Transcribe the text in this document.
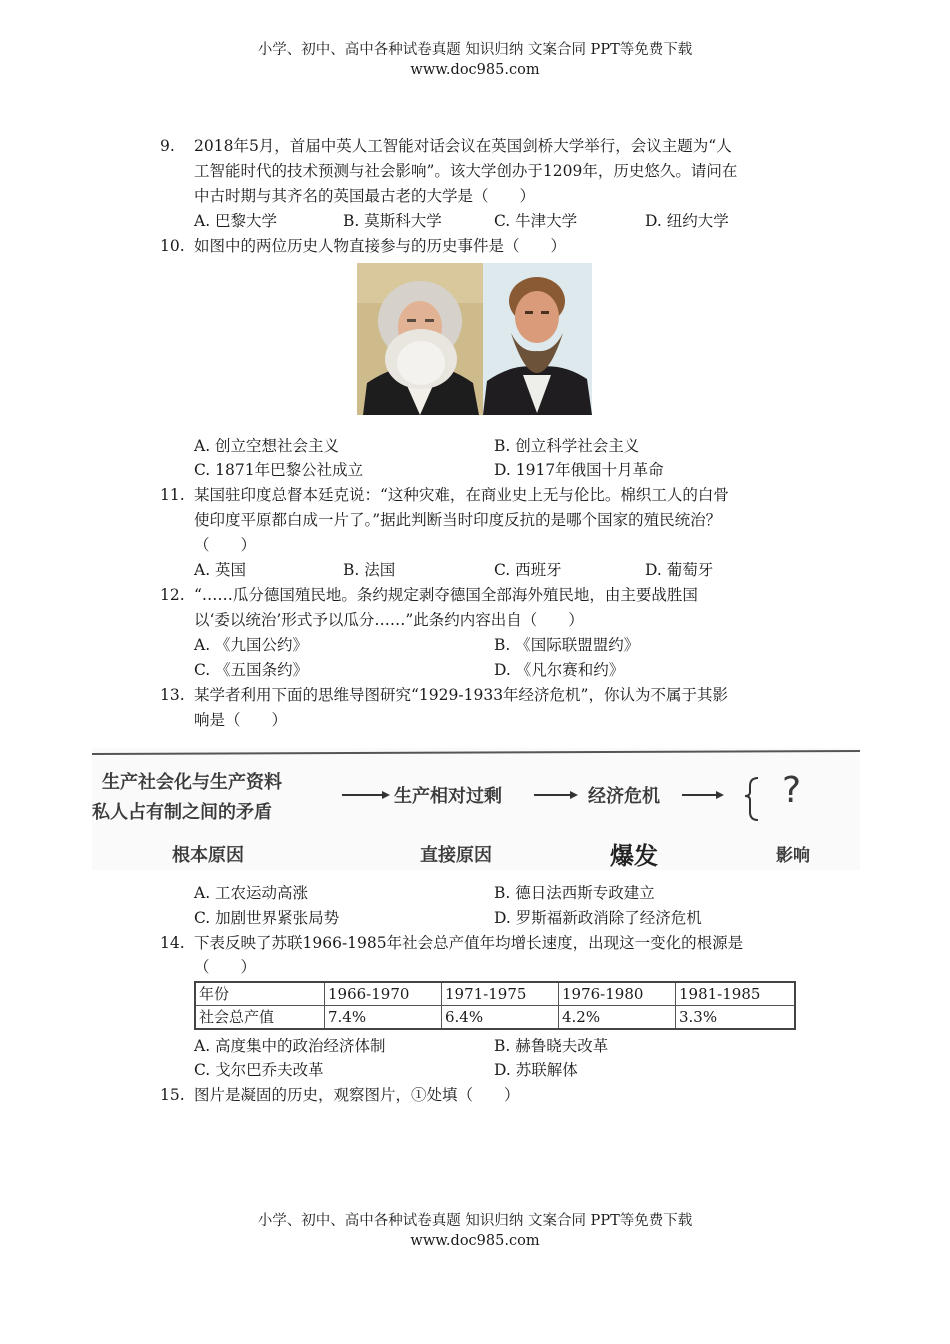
小学、初中、高中各种试卷真题 知识归纳 文案合同 PPT等免费下载
www.doc985.com
9. 2018年5月，首届中英人工智能对话会议在英国剑桥大学举行，会议主题为“人
工智能时代的技术预测与社会影响”。该大学创办于1209年，历史悠久。请问在
中古时期与其齐名的英国最古老的大学是（　　）
A. 巴黎大学	B. 莫斯科大学	C. 牛津大学	D. 纽约大学
10. 如图中的两位历史人物直接参与的历史事件是（　　）
A. 创立空想社会主义	B. 创立科学社会主义
C. 1871年巴黎公社成立	D. 1917年俄国十月革命
11. 某国驻印度总督本廷克说：“这种灾难，在商业史上无与伦比。棉织工人的白骨
使印度平原都白成一片了。”据此判断当时印度反抗的是哪个国家的殖民统治？
（　　）
A. 英国	B. 法国	C. 西班牙	D. 葡萄牙
12. “……瓜分德国殖民地。条约规定剥夺德国全部海外殖民地，由主要战胜国
以‘委以统治’形式予以瓜分……”此条约内容出自（　　）
A. 《九国公约》	B. 《国际联盟盟约》
C. 《五国条约》	D. 《凡尔赛和约》
13. 某学者利用下面的思维导图研究“1929-1933年经济危机”，你认为不属于其影
响是（　　）
生产社会化与生产资料
私人占有制之间的矛盾
生产相对过剩	经济危机	?
根本原因	直接原因	爆发	影响
A. 工农运动高涨	B. 德日法西斯专政建立
C. 加剧世界紧张局势	D. 罗斯福新政消除了经济危机
14. 下表反映了苏联1966-1985年社会总产值年均增长速度，出现这一变化的根源是
（　　）
年份	1966-1970	1971-1975	1976-1980	1981-1985
社会总产值	7.4%	6.4%	4.2%	3.3%
A. 高度集中的政治经济体制	B. 赫鲁晓夫改革
C. 戈尔巴乔夫改革	D. 苏联解体
15. 图片是凝固的历史，观察图片，①处填（　　）
小学、初中、高中各种试卷真题 知识归纳 文案合同 PPT等免费下载
www.doc985.com
